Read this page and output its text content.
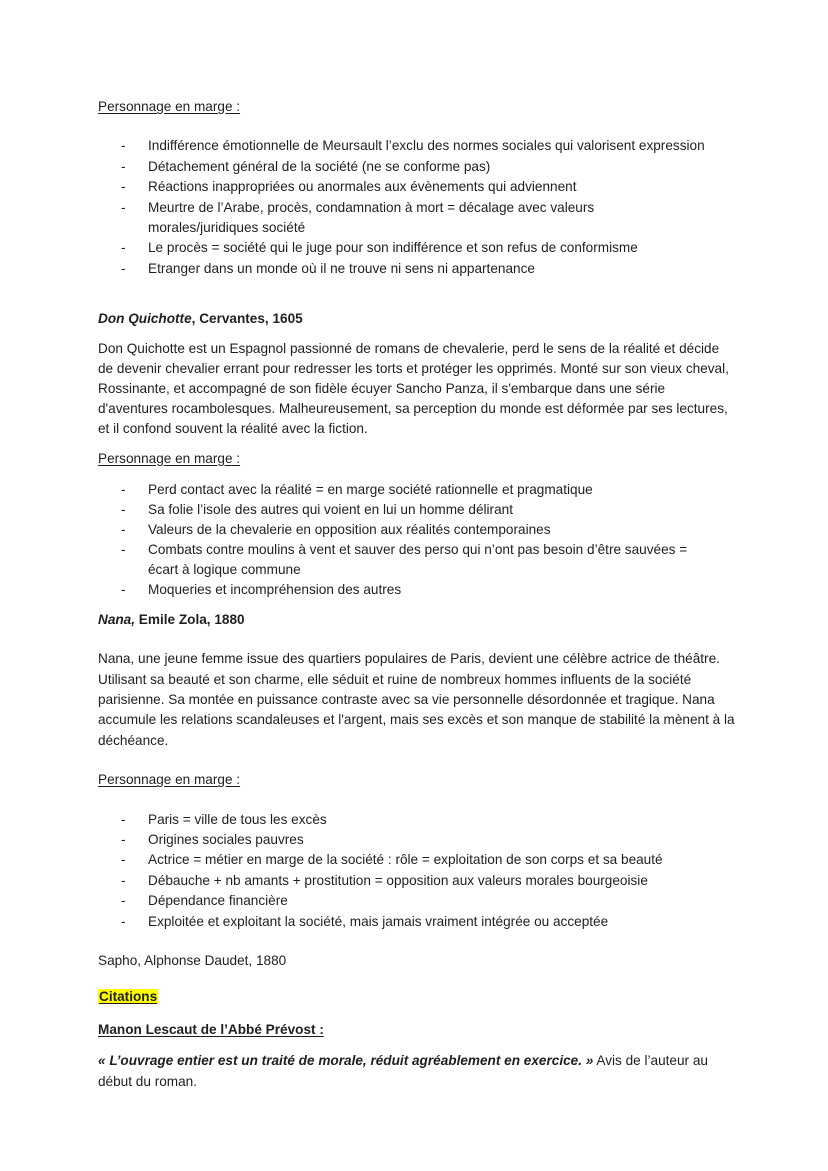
Personnage en marge :
- Indifférence émotionnelle de Meursault l’exclu des normes sociales qui valorisent expression
- Détachement général de la société (ne se conforme pas)
- Réactions inappropriées ou anormales aux évènements qui adviennent
- Meurtre de l’Arabe, procès, condamnation à mort = décalage avec valeurs morales/juridiques société
- Le procès = société qui le juge pour son indifférence et son refus de conformisme
- Etranger dans un monde où il ne trouve ni sens ni appartenance
Don Quichotte, Cervantes, 1605

Don Quichotte est un Espagnol passionné de romans de chevalerie, perd le sens de la réalité et décide de devenir chevalier errant pour redresser les torts et protéger les opprimés. Monté sur son vieux cheval, Rossinante, et accompagné de son fidèle écuyer Sancho Panza, il s'embarque dans une série d'aventures rocambolesques. Malheureusement, sa perception du monde est déformée par ses lectures, et il confond souvent la réalité avec la fiction.

Personnage en marge :
- Perd contact avec la réalité = en marge société rationnelle et pragmatique
- Sa folie l’isole des autres qui voient en lui un homme délirant
- Valeurs de la chevalerie en opposition aux réalités contemporaines
- Combats contre moulins à vent et sauver des perso qui n’ont pas besoin d’être sauvées = écart à logique commune
- Moqueries et incompréhension des autres
Nana, Emile Zola, 1880

Nana, une jeune femme issue des quartiers populaires de Paris, devient une célèbre actrice de théâtre. Utilisant sa beauté et son charme, elle séduit et ruine de nombreux hommes influents de la société parisienne. Sa montée en puissance contraste avec sa vie personnelle désordonnée et tragique. Nana accumule les relations scandaleuses et l'argent, mais ses excès et son manque de stabilité la mènent à la déchéance.

Personnage en marge :
- Paris = ville de tous les excès
- Origines sociales pauvres
- Actrice = métier en marge de la société : rôle = exploitation de son corps et sa beauté
- Débauche + nb amants + prostitution = opposition aux valeurs morales bourgeoisie
- Dépendance financière
- Exploitée et exploitant la société, mais jamais vraiment intégrée ou acceptée

Sapho, Alphonse Daudet, 1880

Citations
Manon Lescaut de l’Abbé Prévost :

« L’ouvrage entier est un traité de morale, réduit agréablement en exercice. » Avis de l’auteur au début du roman.
